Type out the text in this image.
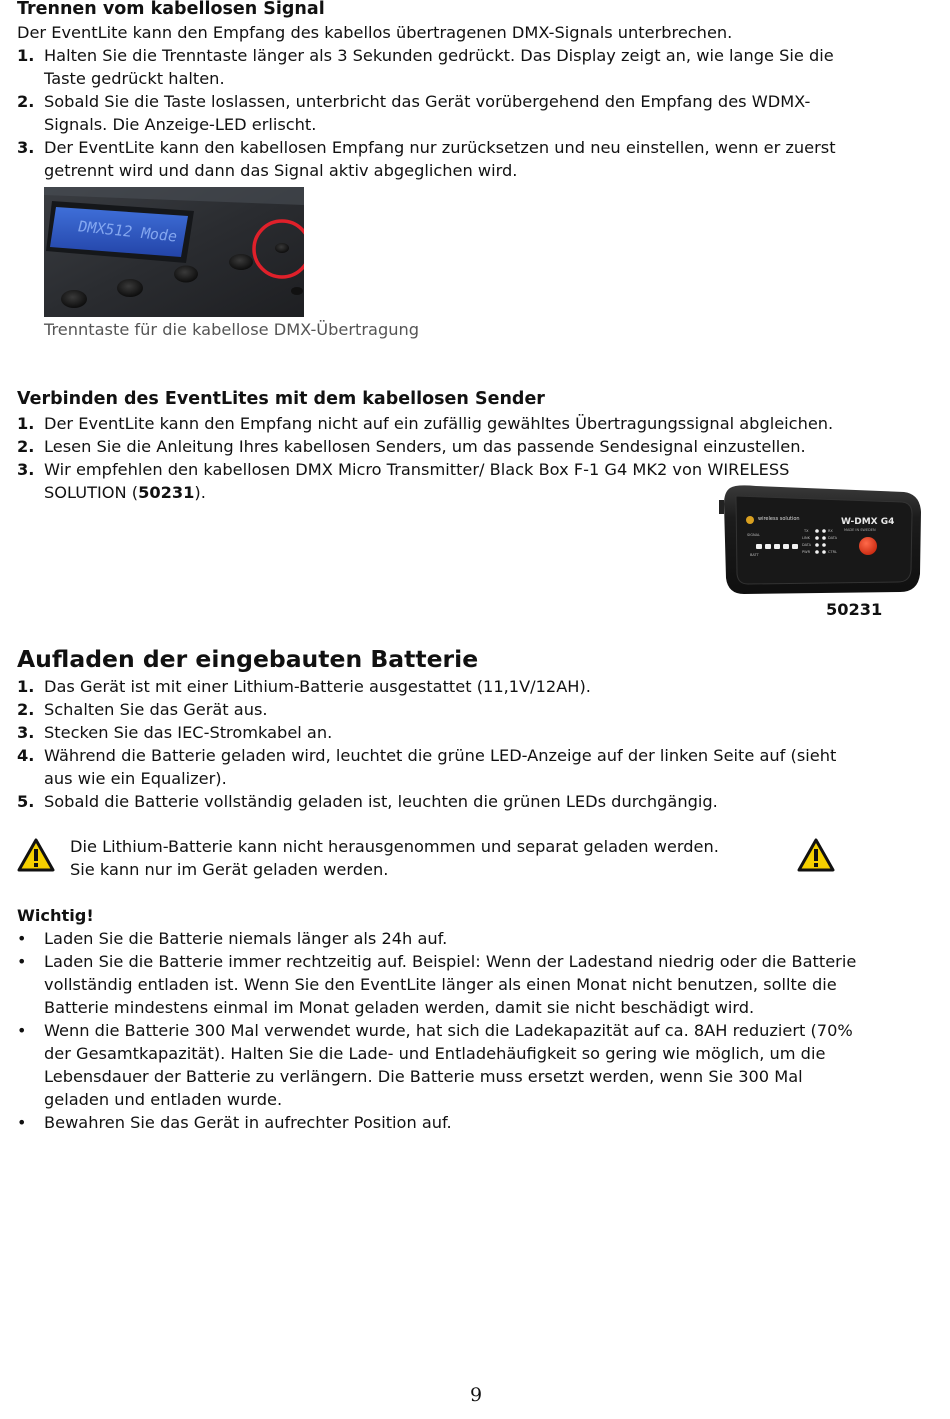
Trennen vom kabellosen Signal
Der EventLite kann den Empfang des kabellos übertragenen DMX-Signals unterbrechen.
1. Halten Sie die Trenntaste länger als 3 Sekunden gedrückt. Das Display zeigt an, wie lange Sie die
Taste gedrückt halten.
2. Sobald Sie die Taste loslassen, unterbricht das Gerät vorübergehend den Empfang des WDMX-
Signals. Die Anzeige-LED erlischt.
3. Der EventLite kann den kabellosen Empfang nur zurücksetzen und neu einstellen, wenn er zuerst
getrennt wird und dann das Signal aktiv abgeglichen wird.
DMX512 Mode
Trenntaste für die kabellose DMX-Übertragung
Verbinden des EventLites mit dem kabellosen Sender
1. Der EventLite kann den Empfang nicht auf ein zufällig gewähltes Übertragungssignal abgleichen.
2. Lesen Sie die Anleitung Ihres kabellosen Senders, um das passende Sendesignal einzustellen.
3. Wir empfehlen den kabellosen DMX Micro Transmitter/ Black Box F-1 G4 MK2 von WIRELESS
SOLUTION (50231).
wireless solution	W-DMX G4
MADE IN SWEDEN
SIGNAL
BATT
TX
LINK
DATA
PWR
RX
DATA
CTRL
50231
Aufladen der eingebauten Batterie
1. Das Gerät ist mit einer Lithium-Batterie ausgestattet (11,1V/12AH).
2. Schalten Sie das Gerät aus.
3. Stecken Sie das IEC-Stromkabel an.
4. Während die Batterie geladen wird, leuchtet die grüne LED-Anzeige auf der linken Seite auf (sieht
aus wie ein Equalizer).
5. Sobald die Batterie vollständig geladen ist, leuchten die grünen LEDs durchgängig.
Die Lithium-Batterie kann nicht herausgenommen und separat geladen werden.
Sie kann nur im Gerät geladen werden.
Wichtig!
• Laden Sie die Batterie niemals länger als 24h auf.
• Laden Sie die Batterie immer rechtzeitig auf. Beispiel: Wenn der Ladestand niedrig oder die Batterie
vollständig entladen ist. Wenn Sie den EventLite länger als einen Monat nicht benutzen, sollte die
Batterie mindestens einmal im Monat geladen werden, damit sie nicht beschädigt wird.
• Wenn die Batterie 300 Mal verwendet wurde, hat sich die Ladekapazität auf ca. 8AH reduziert (70%
der Gesamtkapazität). Halten Sie die Lade- und Entladehäufigkeit so gering wie möglich, um die
Lebensdauer der Batterie zu verlängern. Die Batterie muss ersetzt werden, wenn Sie 300 Mal
geladen und entladen wurde.
• Bewahren Sie das Gerät in aufrechter Position auf.
9
